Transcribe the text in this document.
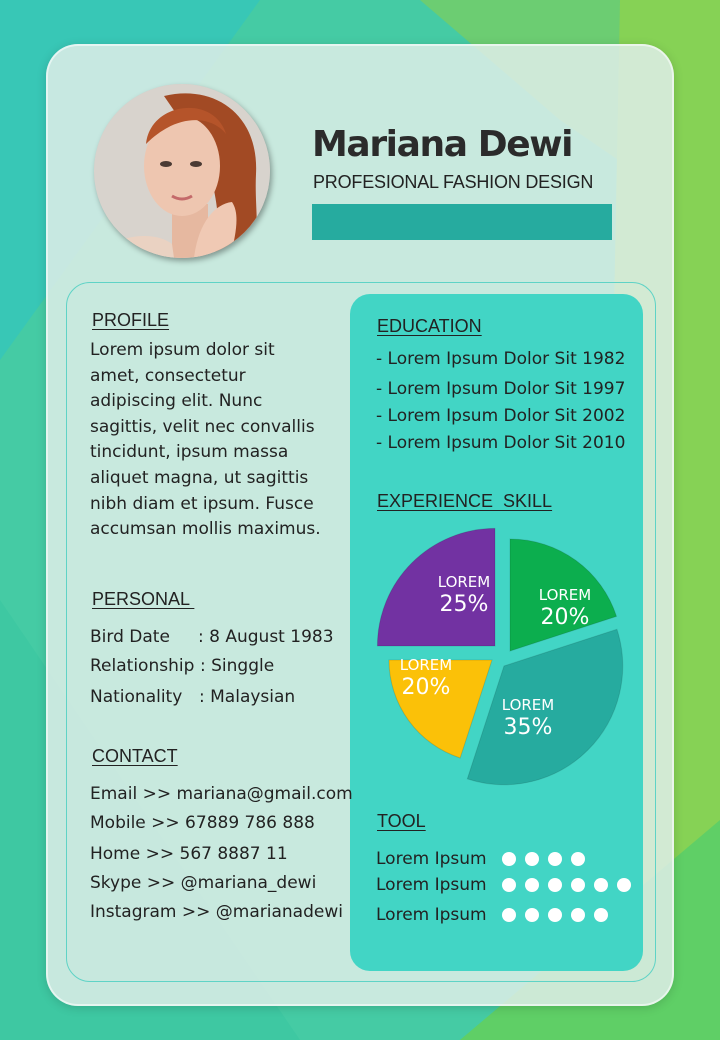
Mariana Dewi
PROFESIONAL FASHION DESIGN
PROFILE
Lorem ipsum dolor sit
amet, consectetur
adipiscing elit. Nunc
sagittis, velit nec convallis
tincidunt, ipsum massa
aliquet magna, ut sagittis
nibh diam et ipsum. Fusce
accumsan mollis maximus.
PERSONAL
Bird Date : 8 August 1983
Relationship : Singgle
Nationality : Malaysian
CONTACT
Email >> mariana@gmail.com
Mobile >> 67889 786 888
Home >> 567 8887 11
Skype >> @mariana_dewi
Instagram >> @marianadewi
EDUCATION
- Lorem Ipsum Dolor Sit 1982
- Lorem Ipsum Dolor Sit 1997
- Lorem Ipsum Dolor Sit 2002
- Lorem Ipsum Dolor Sit 2010
EXPERIENCE  SKILL
LOREM
20%
LOREM
35%
LOREM
20%
LOREM
25%
TOOL
Lorem Ipsum
Lorem Ipsum
Lorem Ipsum
